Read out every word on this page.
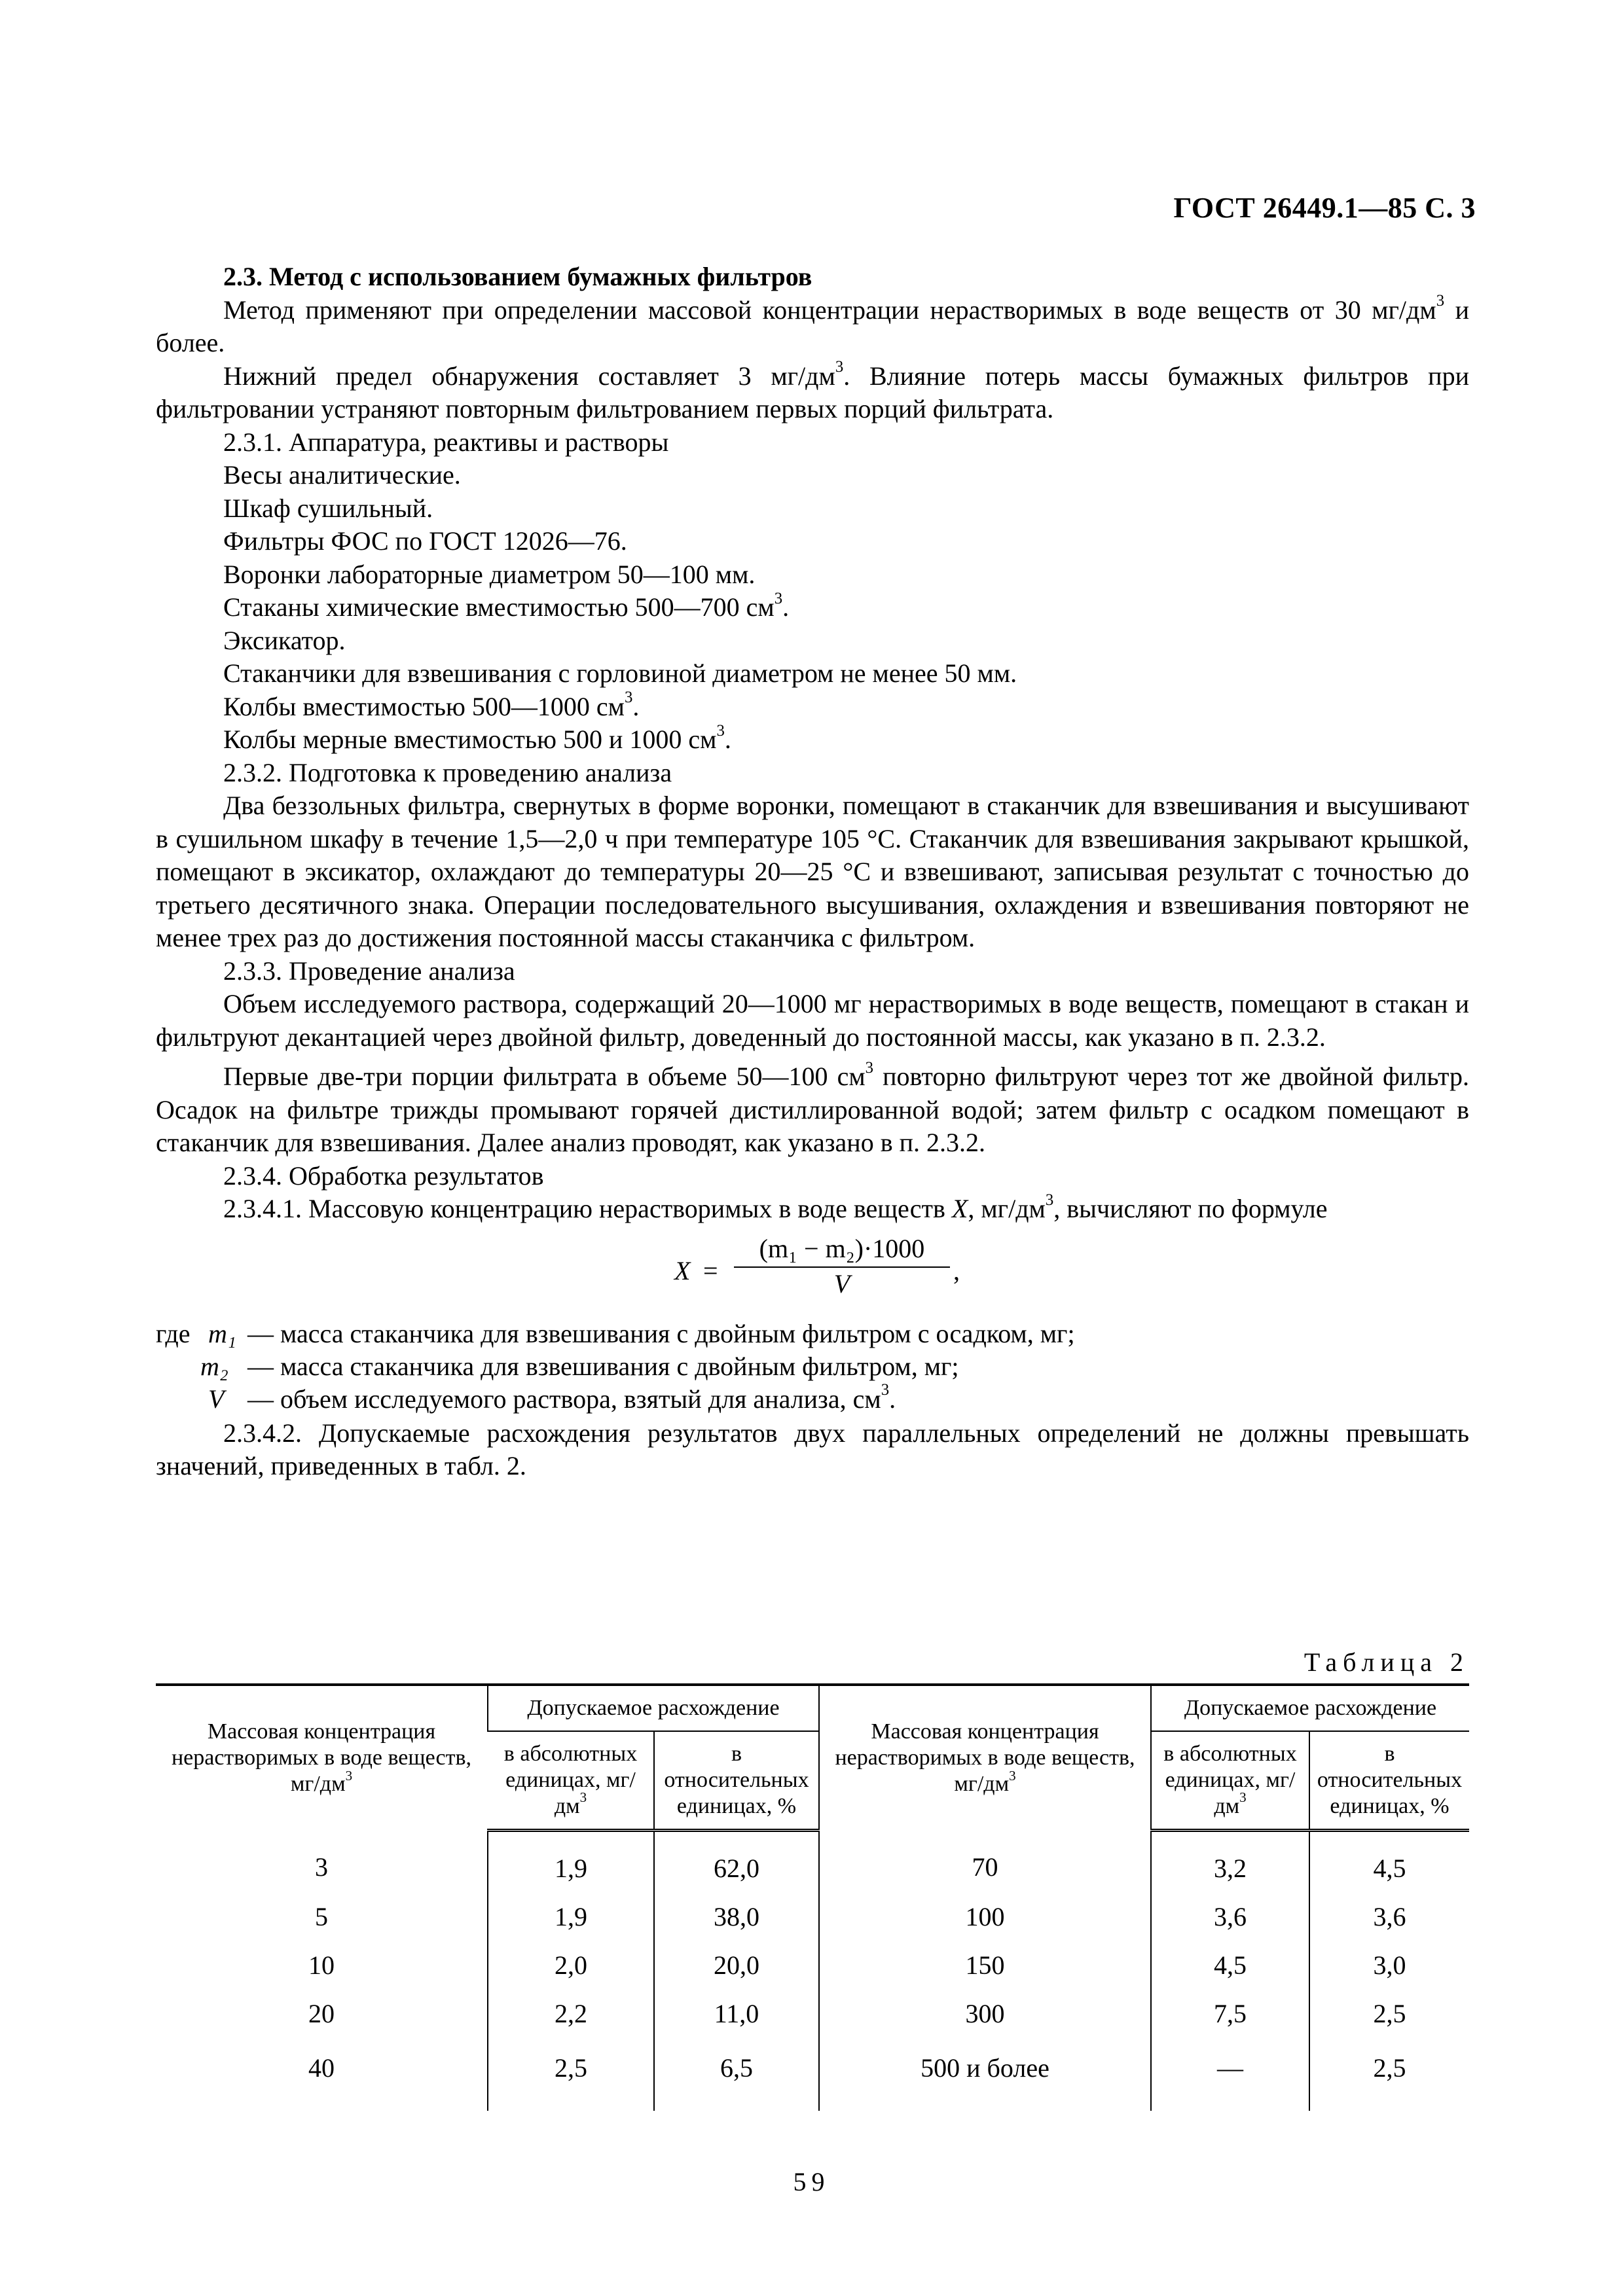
ГОСТ 26449.1—85 С. 3

2.3. Метод с использованием бумажных фильтров

Метод применяют при определении массовой концентрации нерастворимых в воде веществ от 30 $мг/дм^3$ и более.

Нижний предел обнаружения составляет 3 $мг/дм^3$. Влияние потерь массы бумажных фильтров при фильтровании устраняют повторным фильтрованием первых порций фильтрата.

2.3.1. Аппаратура, реактивы и растворы

Весы аналитические.

Шкаф сушильный.

Фильтры ФОС по ГОСТ 12026—76.

Воронки лабораторные диаметром 50—100 мм.

Стаканы химические вместимостью 500—700 $см^3$.

Эксикатор.

Стаканчики для взвешивания с горловиной диаметром не менее 50 мм.

Колбы вместимостью 500—1000 $см^3$.

Колбы мерные вместимостью 500 и 1000 $см^3$.

2.3.2. Подготовка к проведению анализа

Два беззольных фильтра, свернутых в форме воронки, помещают в стаканчик для взвешивания и высушивают в сушильном шкафу в течение 1,5—2,0 ч при температуре 105 °С. Стаканчик для взвешивания закрывают крышкой, помещают в эксикатор, охлаждают до температуры 20—25 °С и взвешивают, записывая результат с точностью до третьего десятичного знака. Операции последовательного высушивания, охлаждения и взвешивания повторяют не менее трех раз до достижения постоянной массы стаканчика с фильтром.

2.3.3. Проведение анализа

Объем исследуемого раствора, содержащий 20—1000 мг нерастворимых в воде веществ, помещают в стакан и фильтруют декантацией через двойной фильтр, доведенный до постоянной массы, как указано в п. 2.3.2.

Первые две-три порции фильтрата в объеме 50—100 $см^3$ повторно фильтруют через тот же двойной фильтр. Осадок на фильтре трижды промывают горячей дистиллированной водой; затем фильтр с осадком помещают в стаканчик для взвешивания. Далее анализ проводят, как указано в п. 2.3.2.

2.3.4. Обработка результатов

2.3.4.1. Массовую концентрацию нерастворимых в воде веществ X, $мг/дм^3$, вычисляют по формуле

$X = \frac{\text{(m₁ − m₂)·1000}}{V}$ ,
где m₁ — масса стаканчика для взвешивания с двойным фильтром с осадком, мг;
m₂ — масса стаканчика для взвешивания с двойным фильтром, мг;
V — объем исследуемого раствора, взятый для анализа, $см^3$.

2.3.4.2. Допускаемые расхождения результатов двух параллельных определений не должны превышать значений, приведенных в табл. 2.

Таблица 2
Массовая концентрация нерастворимых в воде веществ, $мг/дм^3$	Допускаемое расхождение		Массовая концентрация нерастворимых в воде веществ, $мг/дм^3$	Допускаемое расхождение	
	в абсолютных единицах, $мг/дм^3$	в относительных единицах, %		в абсолютных единицах, $мг/дм^3$	в относительных единицах, %
3	1,9	62,0	70	3,2	4,5
5	1,9	38,0	100	3,6	3,6
10	2,0	20,0	150	4,5	3,0
20	2,2	11,0	300	7,5	2,5
40	2,5	6,5	500 и более	—	2,5
59
